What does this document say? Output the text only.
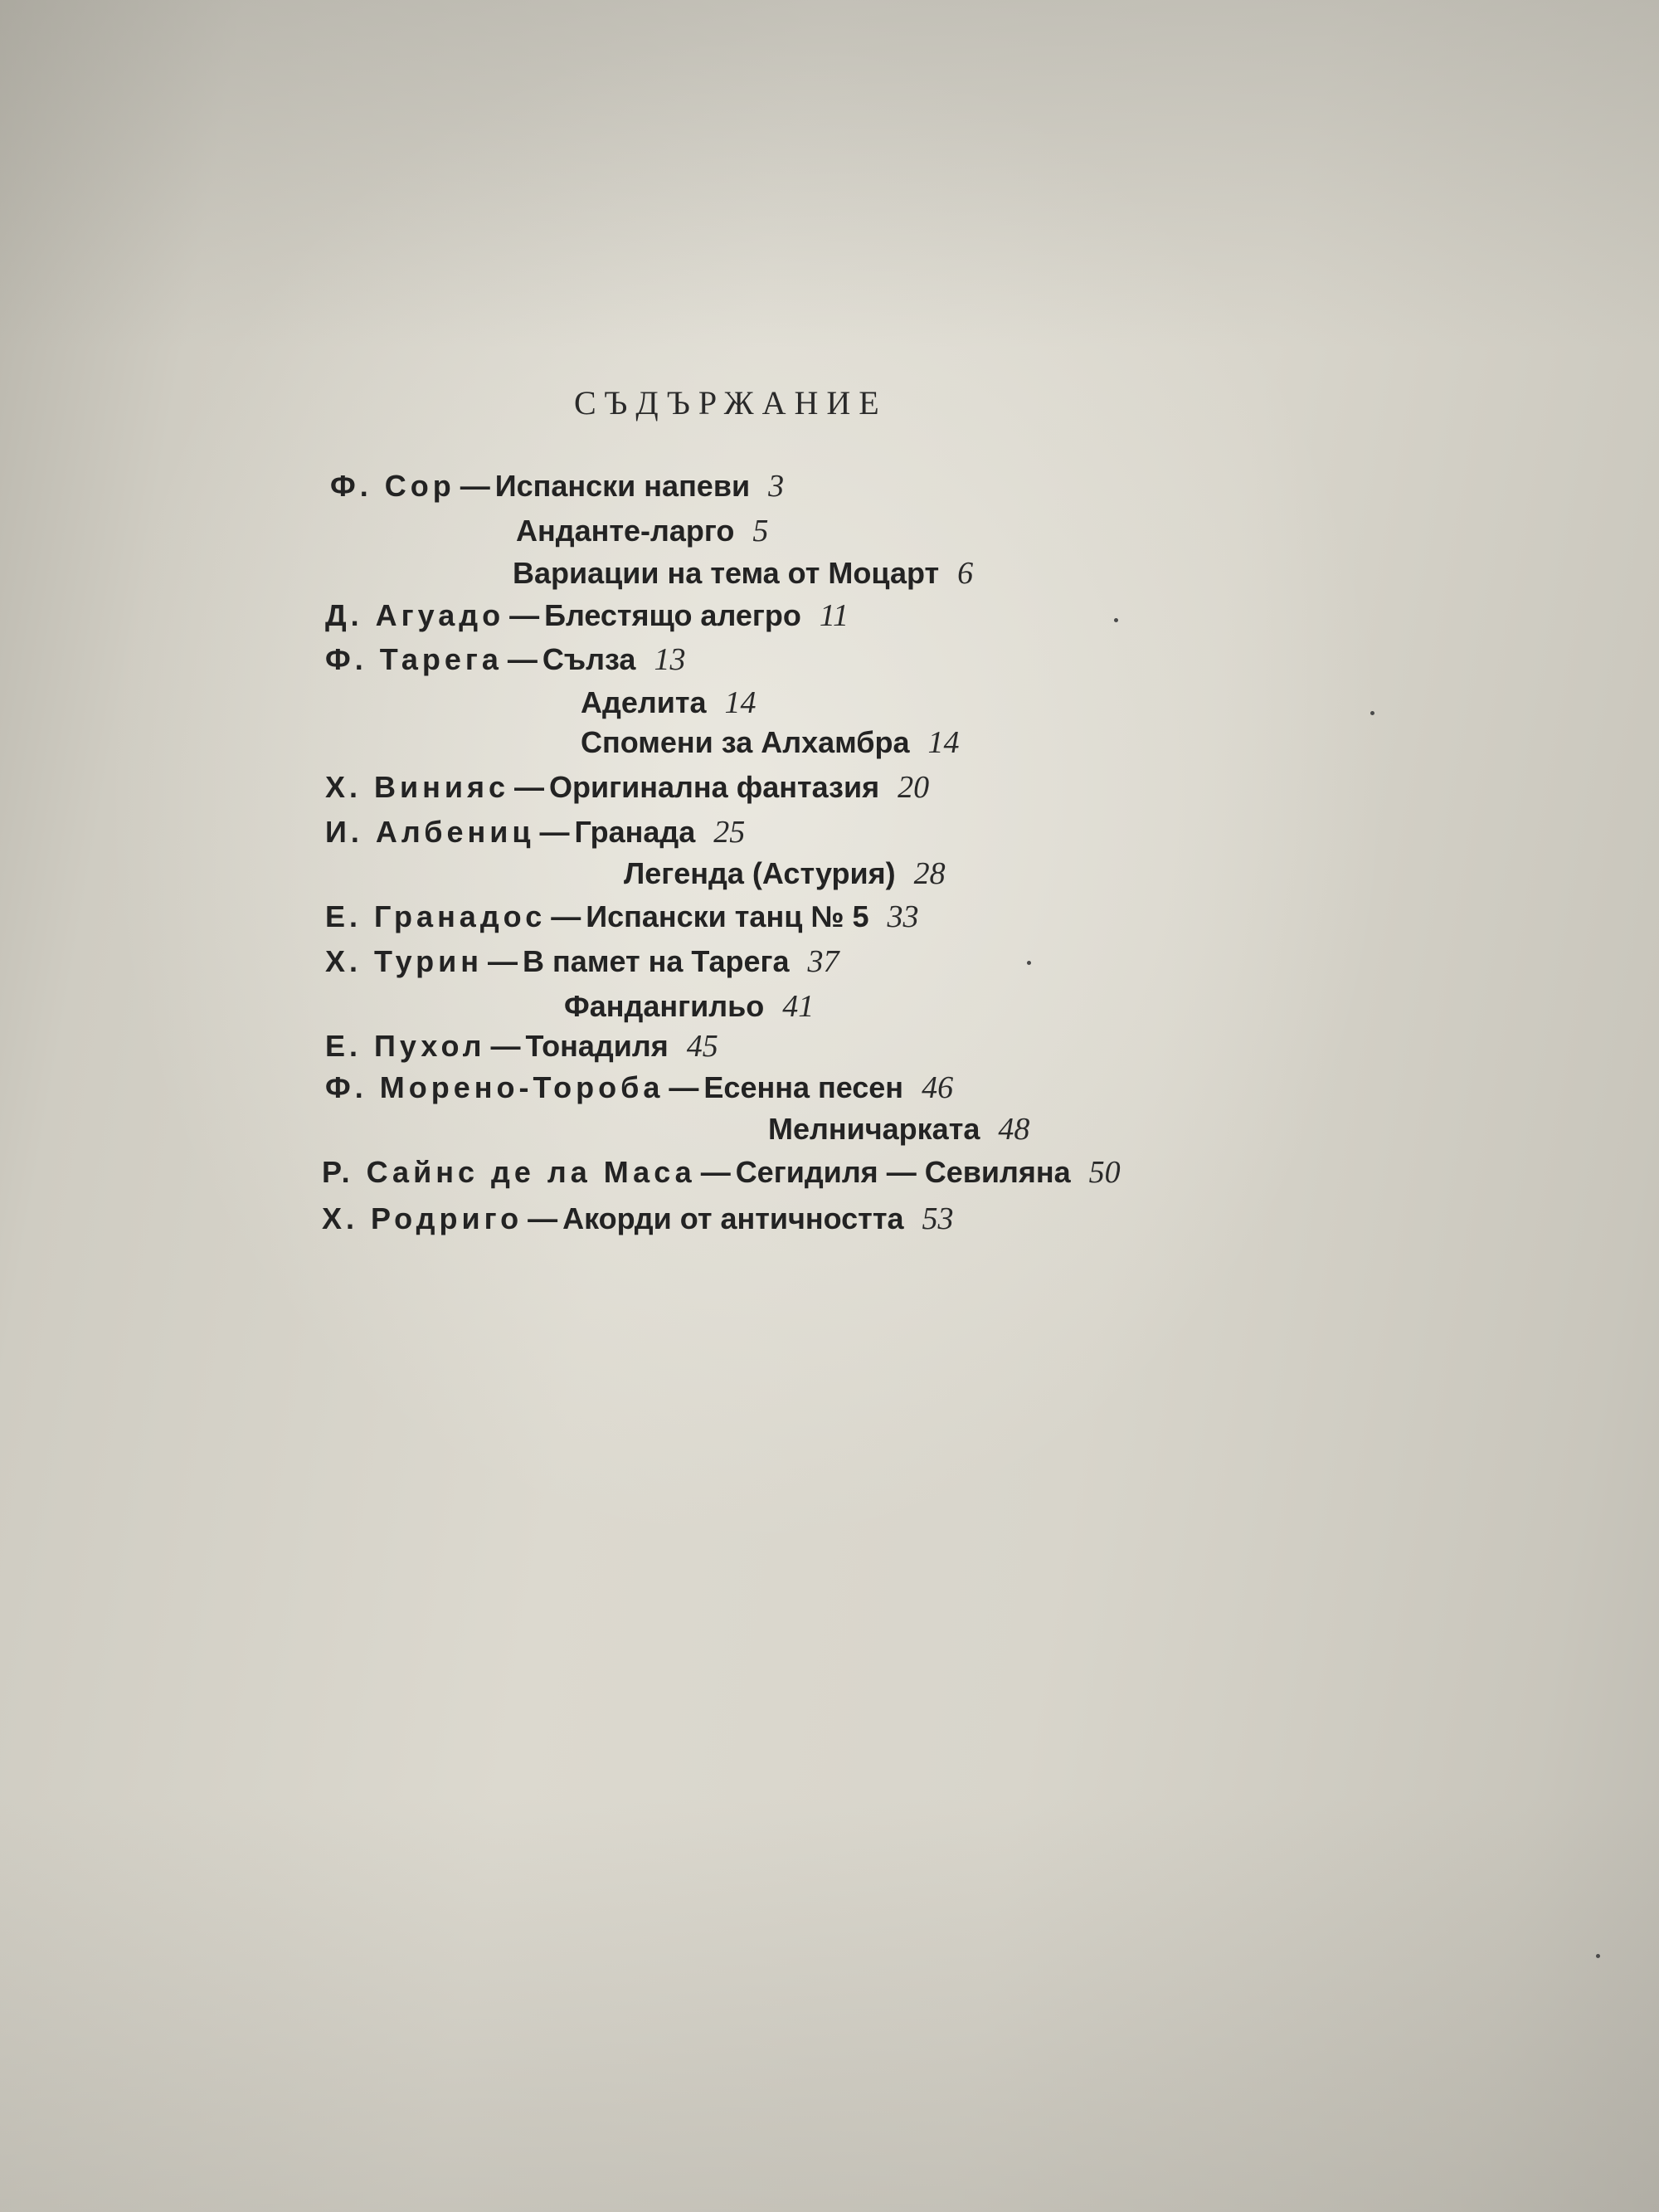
СЪДЪРЖАНИЕ
Ф. Сор — Испански напеви 3
Анданте-ларго 5
Вариации на тема от Моцарт 6
Д. Агуадо — Блестящо алегро 11
Ф. Тарега — Сълза 13
Аделита 14
Спомени за Алхамбра 14
Х. Винияс — Оригинална фантазия 20
И. Албениц — Гранада 25
Легенда (Астурия) 28
Е. Гранадос — Испански танц № 5 33
Х. Турин — В памет на Тарега 37
Фандангильо 41
Е. Пухол — Тонадиля 45
Ф. Морено-Тороба — Есенна песен 46
Мелничарката 48
Р. Сайнс де ла Маса — Сегидиля — Севиляна 50
Х. Родриго — Акорди от античността 53
